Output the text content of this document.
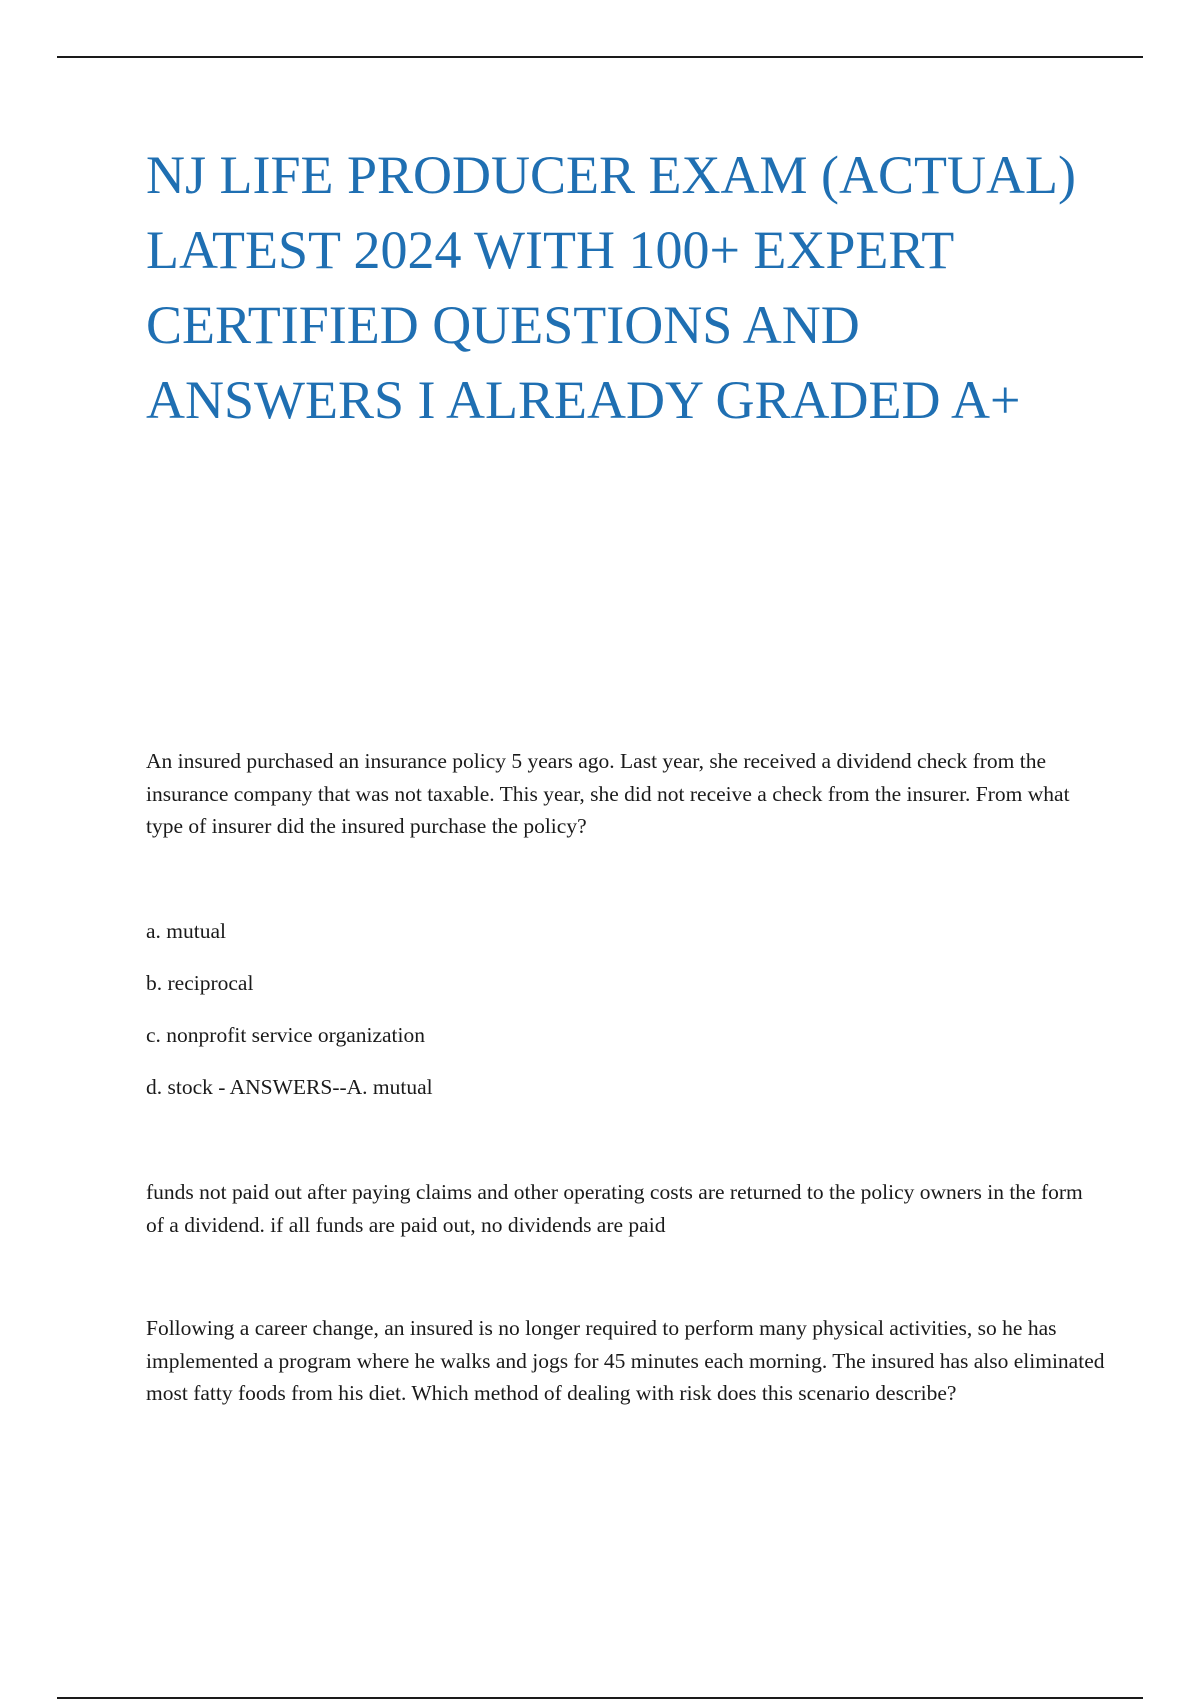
NJ LIFE PRODUCER EXAM (ACTUAL) LATEST 2024 WITH 100+ EXPERT CERTIFIED QUESTIONS AND ANSWERS I ALREADY GRADED A+

An insured purchased an insurance policy 5 years ago. Last year, she received a dividend check from the insurance company that was not taxable. This year, she did not receive a check from the insurer. From what type of insurer did the insured purchase the policy?

a. mutual
b. reciprocal
c. nonprofit service organization
d. stock - ANSWERS--A. mutual

funds not paid out after paying claims and other operating costs are returned to the policy owners in the form of a dividend. if all funds are paid out, no dividends are paid

Following a career change, an insured is no longer required to perform many physical activities, so he has implemented a program where he walks and jogs for 45 minutes each morning. The insured has also eliminated most fatty foods from his diet. Which method of dealing with risk does this scenario describe?
